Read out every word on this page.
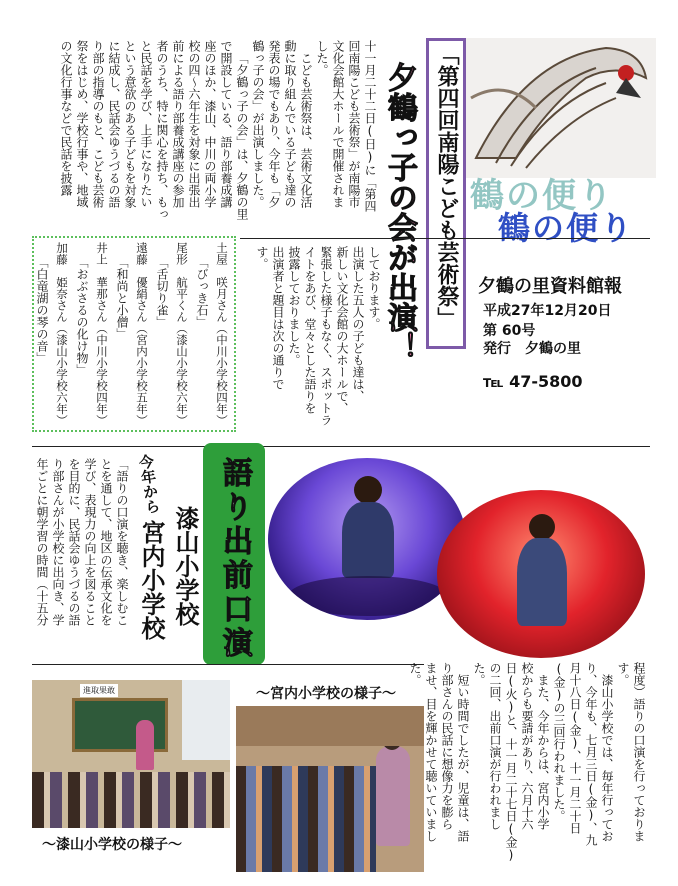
鶴の便り
鶴の便り
夕鶴の里資料館報
平成27年12月20日
第 60号
発行　夕鶴の里
℡ 47-5800
「第四回南陽こども芸術祭」
夕鶴っ子の会が出演！
十一月二十二日(日)に「第四
回南陽こども芸術祭」が南陽市
文化会館大ホールで開催されま
した。
こども芸術祭は、芸術文化活
動に取り組んでいる子ども達の
発表の場でもあり、今年も「夕
鶴っ子の会」が出演しました。
「夕鶴っ子の会」は、夕鶴の里
で開設している、語り部養成講
座のほか、漆山、中川の両小学
校の四～六年生を対象に出張出
前による語り部養成講座の参加
者のうち、特に関心を持ち、もっ
と民話を学び、上手になりたい
という意欲のある子どもを対象
に結成し、民話会ゆうづるの語
り部の指導のもと、こども芸術
祭をはじめ、学校行事や、地域
の文化行事などで民話を披露
しております。
出演した五人の子ども達は、
新しい文化会館の大ホールで、
緊張した様子もなく、スポットラ
イトをあび、堂々とした語りを
披露しておりました。
出演者と題目は次の通りで
す。
土屋　咲月さん（中川小学校四年）
「びっき石」
尾形　航平くん（漆山小学校六年）
「舌切り雀」
遠藤　優絹さん（宮内小学校五年）
「和尚と小僧」
井上　華那さん（中川小学校四年）
「おぶさるの化け物」
加藤　姫奈さん（漆山小学校六年）
「白竜湖の琴の音」
語り出前口演
今年から
漆山小学校
宮内小学校
「語りの口演を聴き、楽しむこ
とを通して、地区の伝承文化を
学び、表現力の向上を図ること
を目的に、民話会ゆうづるの語
り部さんが小学校に出向き、学
年ごとに朝学習の時間（十五分
程度）語りの口演を行っておりま
す。
漆山小学校では、毎年行ってお
り、今年も、七月三日(金)、九
月十八日(金)、十一月二十日
(金)の三回行われました。
また、今年からは、宮内小学
校からも要請があり、六月十六
日(火)と、十一月二十七日(金)
の二回、出前口演が行われまし
た。
短い時間でしたが、児童は、語
り部さんの民話に想像力を膨ら
ませ、目を輝かせて聴いていまし
た。
進取果敢	～宮内小学校の様子～
～漆山小学校の様子～
